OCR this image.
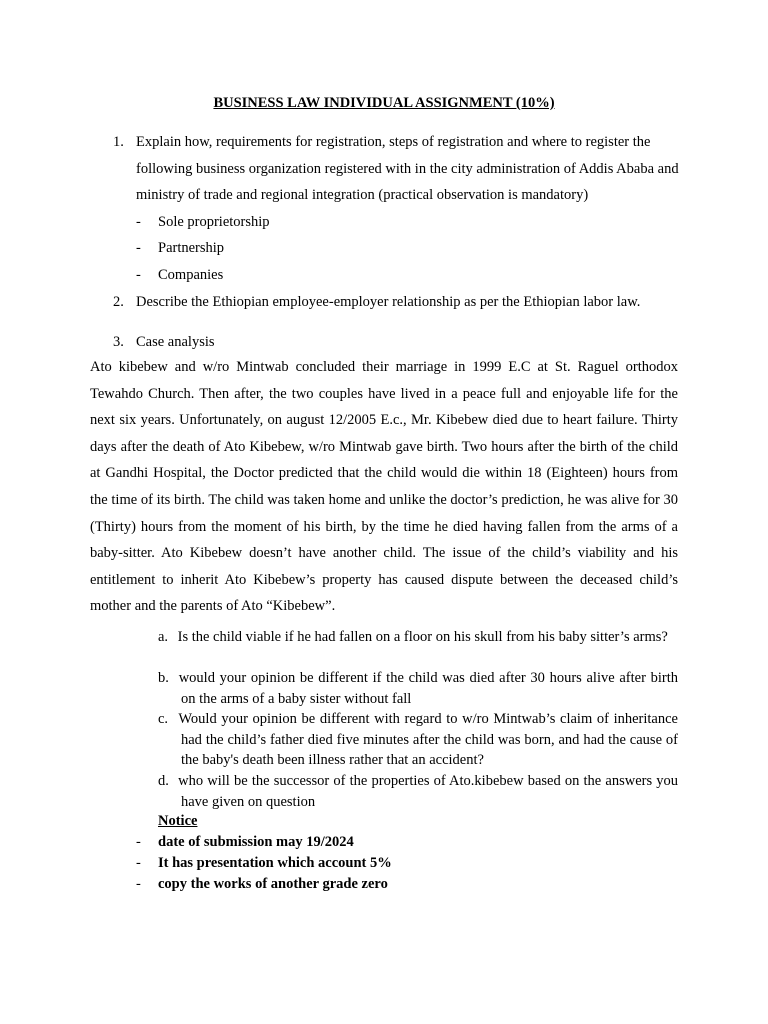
BUSINESS LAW INDIVIDUAL ASSIGNMENT (10%)
1. Explain how, requirements for registration, steps of registration and where to register the following business organization registered with in the city administration of Addis Ababa and ministry of trade and regional integration (practical observation is mandatory)
- Sole proprietorship
- Partnership
- Companies
2. Describe the Ethiopian employee-employer relationship as per the Ethiopian labor law.
3. Case analysis
Ato kibebew and w/ro Mintwab concluded their marriage in 1999 E.C at St. Raguel orthodox Tewahdo Church. Then after, the two couples have lived in a peace full and enjoyable life for the next six years. Unfortunately, on august 12/2005 E.c., Mr. Kibebew died due to heart failure. Thirty days after the death of Ato Kibebew, w/ro Mintwab gave birth. Two hours after the birth of the child at Gandhi Hospital, the Doctor predicted that the child would die within 18 (Eighteen) hours from the time of its birth. The child was taken home and unlike the doctor’s prediction, he was alive for 30 (Thirty) hours from the moment of his birth, by the time he died having fallen from the arms of a baby-sitter. Ato Kibebew doesn’t have another child. The issue of the child’s viability and his entitlement to inherit Ato Kibebew’s property has caused dispute between the deceased child’s mother and the parents of Ato “Kibebew”.
a. Is the child viable if he had fallen on a floor on his skull from his baby sitter’s arms?
b. would your opinion be different if the child was died after 30 hours alive after birth on the arms of a baby sister without fall
c. Would your opinion be different with regard to w/ro Mintwab’s claim of inheritance had the child’s father died five minutes after the child was born, and had the cause of the baby's death been illness rather that an accident?
d. who will be the successor of the properties of Ato.kibebew based on the answers you have given on question
Notice
- date of submission may 19/2024
- It has presentation which account 5%
- copy the works of another grade zero
